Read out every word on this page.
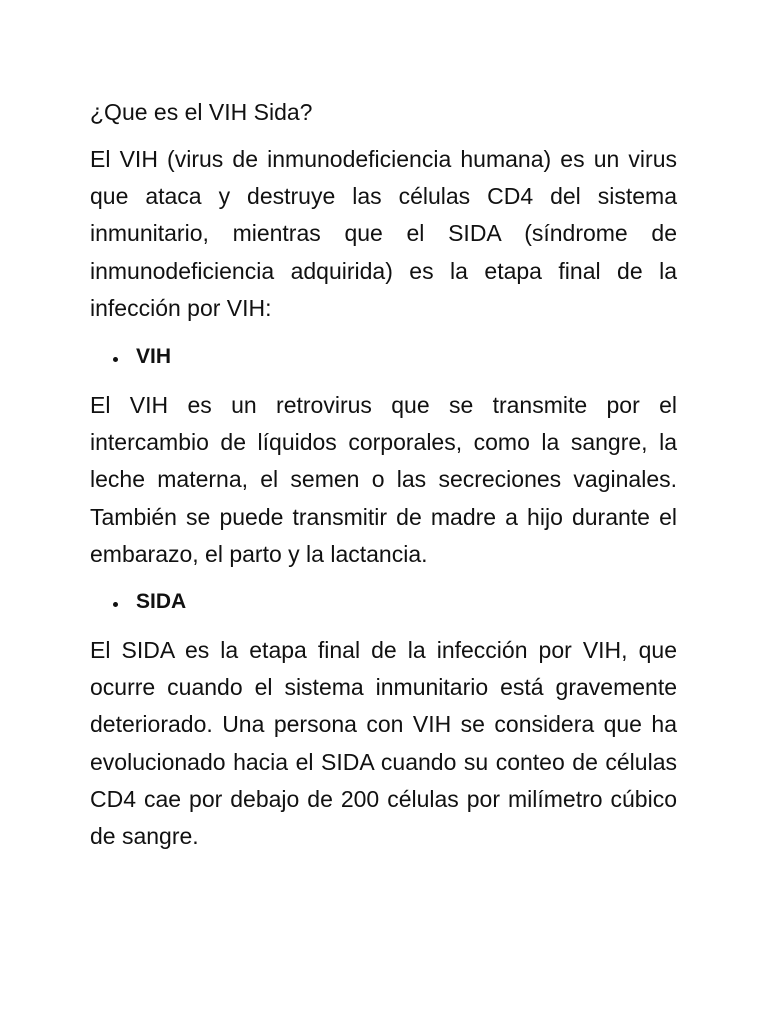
¿Que es el VIH Sida?

El VIH (virus de inmunodeficiencia humana) es un virus que ataca y destruye las células CD4 del sistema inmunitario, mientras que el SIDA (síndrome de inmunodeficiencia adquirida) es la etapa final de la infección por VIH:

VIH

El VIH es un retrovirus que se transmite por el intercambio de líquidos corporales, como la sangre, la leche materna, el semen o las secreciones vaginales. También se puede transmitir de madre a hijo durante el embarazo, el parto y la lactancia.

SIDA

El SIDA es la etapa final de la infección por VIH, que ocurre cuando el sistema inmunitario está gravemente deteriorado. Una persona con VIH se considera que ha evolucionado hacia el SIDA cuando su conteo de células CD4 cae por debajo de 200 células por milímetro cúbico de sangre.
